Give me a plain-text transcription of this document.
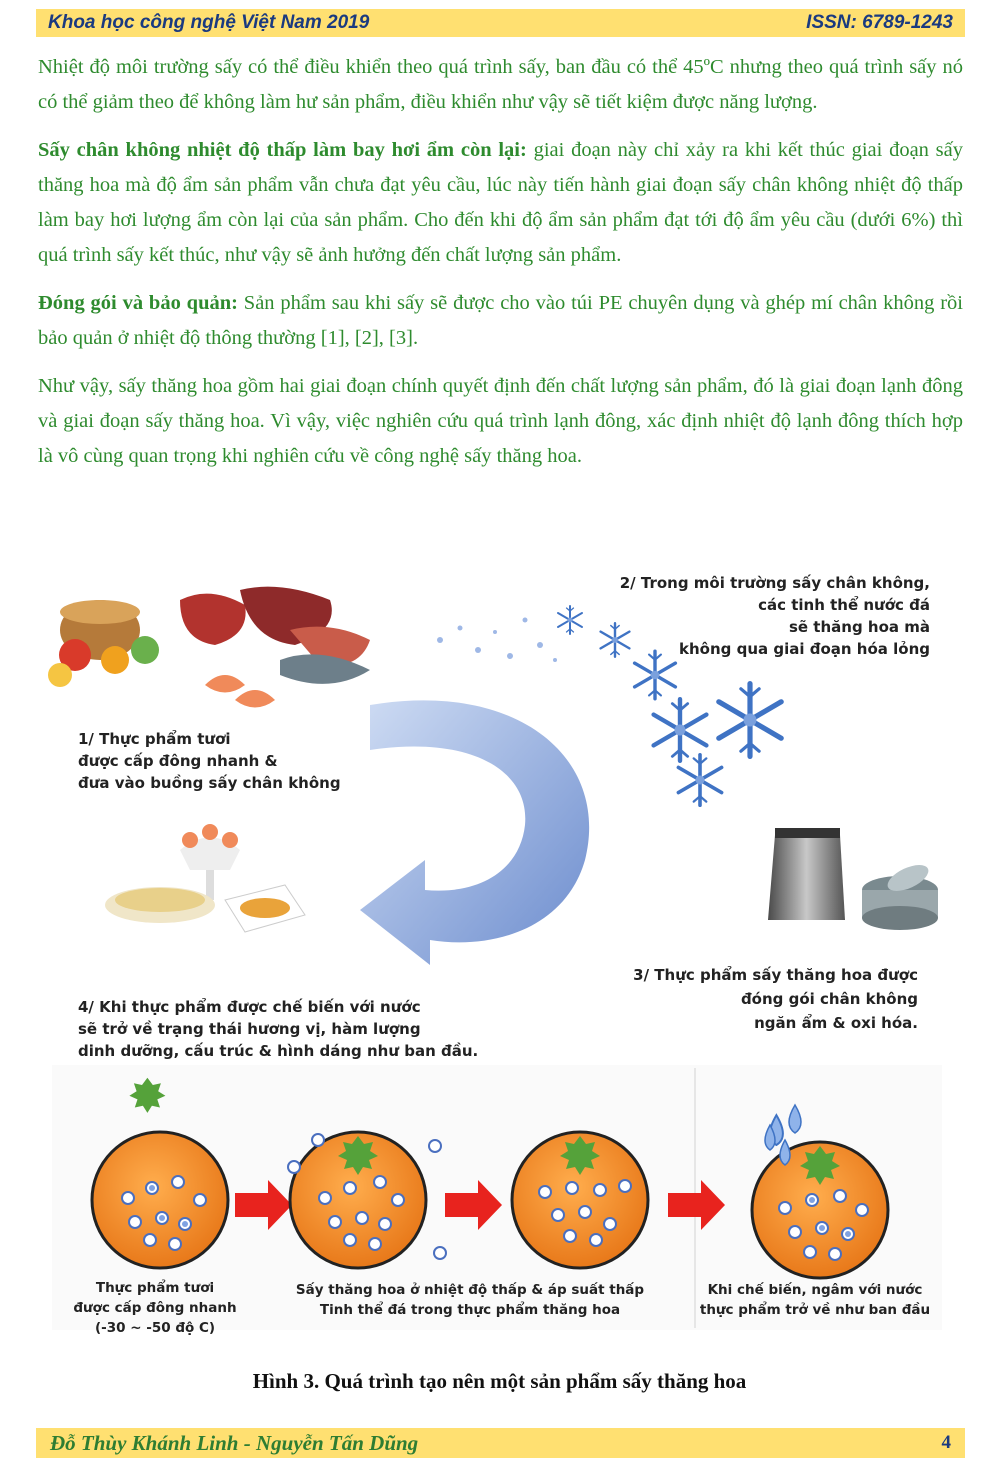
Khoa học công nghệ Việt Nam 2019	ISSN: 6789-1243

Nhiệt độ môi trường sấy có thể điều khiển theo quá trình sấy, ban đầu có thể 45ºC nhưng theo quá trình sấy nó có thể giảm theo để không làm hư sản phẩm, điều khiển như vậy sẽ tiết kiệm được năng lượng.

Sấy chân không nhiệt độ thấp làm bay hơi ẩm còn lại: giai đoạn này chỉ xảy ra khi kết thúc giai đoạn sấy thăng hoa mà độ ẩm sản phẩm vẫn chưa đạt yêu cầu, lúc này tiến hành giai đoạn sấy chân không nhiệt độ thấp làm bay hơi lượng ẩm còn lại của sản phẩm. Cho đến khi độ ẩm sản phẩm đạt tới độ ẩm yêu cầu (dưới 6%) thì quá trình sấy kết thúc, như vậy sẽ ảnh hưởng đến chất lượng sản phẩm.

Đóng gói và bảo quản: Sản phẩm sau khi sấy sẽ được cho vào túi PE chuyên dụng và ghép mí chân không rồi bảo quản ở nhiệt độ thông thường [1], [2], [3].

Như vậy, sấy thăng hoa gồm hai giai đoạn chính quyết định đến chất lượng sản phẩm, đó là giai đoạn lạnh đông và giai đoạn sấy thăng hoa. Vì vậy, việc nghiên cứu quá trình lạnh đông, xác định nhiệt độ lạnh đông thích hợp là vô cùng quan trọng khi nghiên cứu về công nghệ sấy thăng hoa.

1/ Thực phẩm tươi
được cấp đông nhanh &
đưa vào buồng sấy chân không
2/ Trong môi trường sấy chân không,
các tinh thể nước đá
sẽ thăng hoa mà
không qua giai đoạn hóa lỏng
3/ Thực phẩm sấy thăng hoa được
đóng gói chân không
ngăn ẩm & oxi hóa.
4/ Khi thực phẩm được chế biến với nước
sẽ trở về trạng thái hương vị, hàm lượng
dinh dưỡng, cấu trúc & hình dáng như ban đầu.
Thực phẩm tươi
được cấp đông nhanh
(-30 ~ -50 độ C)
Sấy thăng hoa ở nhiệt độ thấp & áp suất thấp
Tinh thể đá trong thực phẩm thăng hoa
Khi chế biến, ngâm với nước
thực phẩm trở về như ban đầu
Hình 3. Quá trình tạo nên một sản phẩm sấy thăng hoa
Đỗ Thùy Khánh Linh - Nguyễn Tấn Dũng	4
